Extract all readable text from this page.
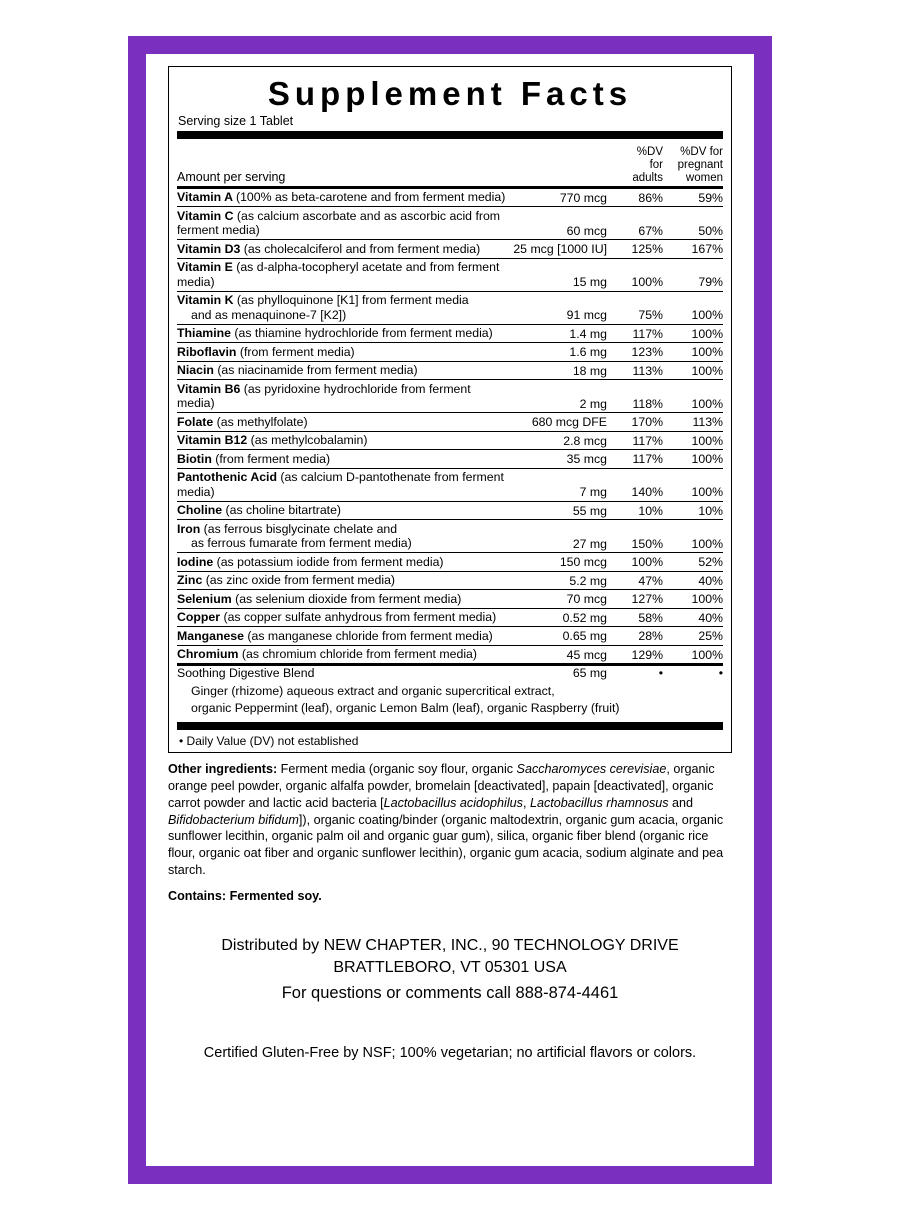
Supplement Facts
Serving size 1 Tablet
Amount per serving		
%DV
for
adults

%DV for
pregnant
women
Vitamin A (100% as beta-carotene and from ferment media)	770 mcg	86%	59%
Vitamin C (as calcium ascorbate and as ascorbic acid from ferment media)	60 mcg	67%	50%
Vitamin D3 (as cholecalciferol and from ferment media)	25 mcg [1000 IU]	125%	167%
Vitamin E (as d-alpha-tocopheryl acetate and from ferment media)	15 mg	100%	79%
Vitamin K (as phylloquinone [K1] from ferment media
and as menaquinone-7 [K2])	91 mcg	75%	100%
Thiamine (as thiamine hydrochloride from ferment media)	1.4 mg	117%	100%
Riboflavin (from ferment media)	1.6 mg	123%	100%
Niacin (as niacinamide from ferment media)	18 mg	113%	100%
Vitamin B6 (as pyridoxine hydrochloride from ferment media)	2 mg	118%	100%
Folate (as methylfolate)	680 mcg DFE	170%	113%
Vitamin B12 (as methylcobalamin)	2.8 mcg	117%	100%
Biotin (from ferment media)	35 mcg	117%	100%
Pantothenic Acid (as calcium D-pantothenate from ferment media)	7 mg	140%	100%
Choline (as choline bitartrate)	55 mg	10%	10%
Iron (as ferrous bisglycinate chelate and
as ferrous fumarate from ferment media)	27 mg	150%	100%
Iodine (as potassium iodide from ferment media)	150 mcg	100%	52%
Zinc (as zinc oxide from ferment media)	5.2 mg	47%	40%
Selenium (as selenium dioxide from ferment media)	70 mcg	127%	100%
Copper (as copper sulfate anhydrous from ferment media)	0.52 mg	58%	40%
Manganese (as manganese chloride from ferment media)	0.65 mg	28%	25%
Chromium (as chromium chloride from ferment media)	45 mcg	129%	100%
Soothing Digestive Blend	65 mg	•	•
Ginger (rhizome) aqueous extract and organic supercritical extract,
organic Peppermint (leaf), organic Lemon Balm (leaf), organic Raspberry (fruit)
• Daily Value (DV) not established
Other ingredients: Ferment media (organic soy flour, organic Saccharomyces cerevisiae, organic orange peel powder, organic alfalfa powder, bromelain [deactivated], papain [deactivated], organic carrot powder and lactic acid bacteria [Lactobacillus acidophilus, Lactobacillus rhamnosus and Bifidobacterium bifidum]), organic coating/binder (organic maltodextrin, organic gum acacia, organic sunflower lecithin, organic palm oil and organic guar gum), silica, organic fiber blend (organic rice flour, organic oat fiber and organic sunflower lecithin), organic gum acacia, sodium alginate and pea starch.
Contains: Fermented soy.
Distributed by NEW CHAPTER, INC., 90 TECHNOLOGY DRIVE
BRATTLEBORO, VT 05301 USA
For questions or comments call 888-874-4461
Certified Gluten-Free by NSF; 100% vegetarian; no artificial flavors or colors.
